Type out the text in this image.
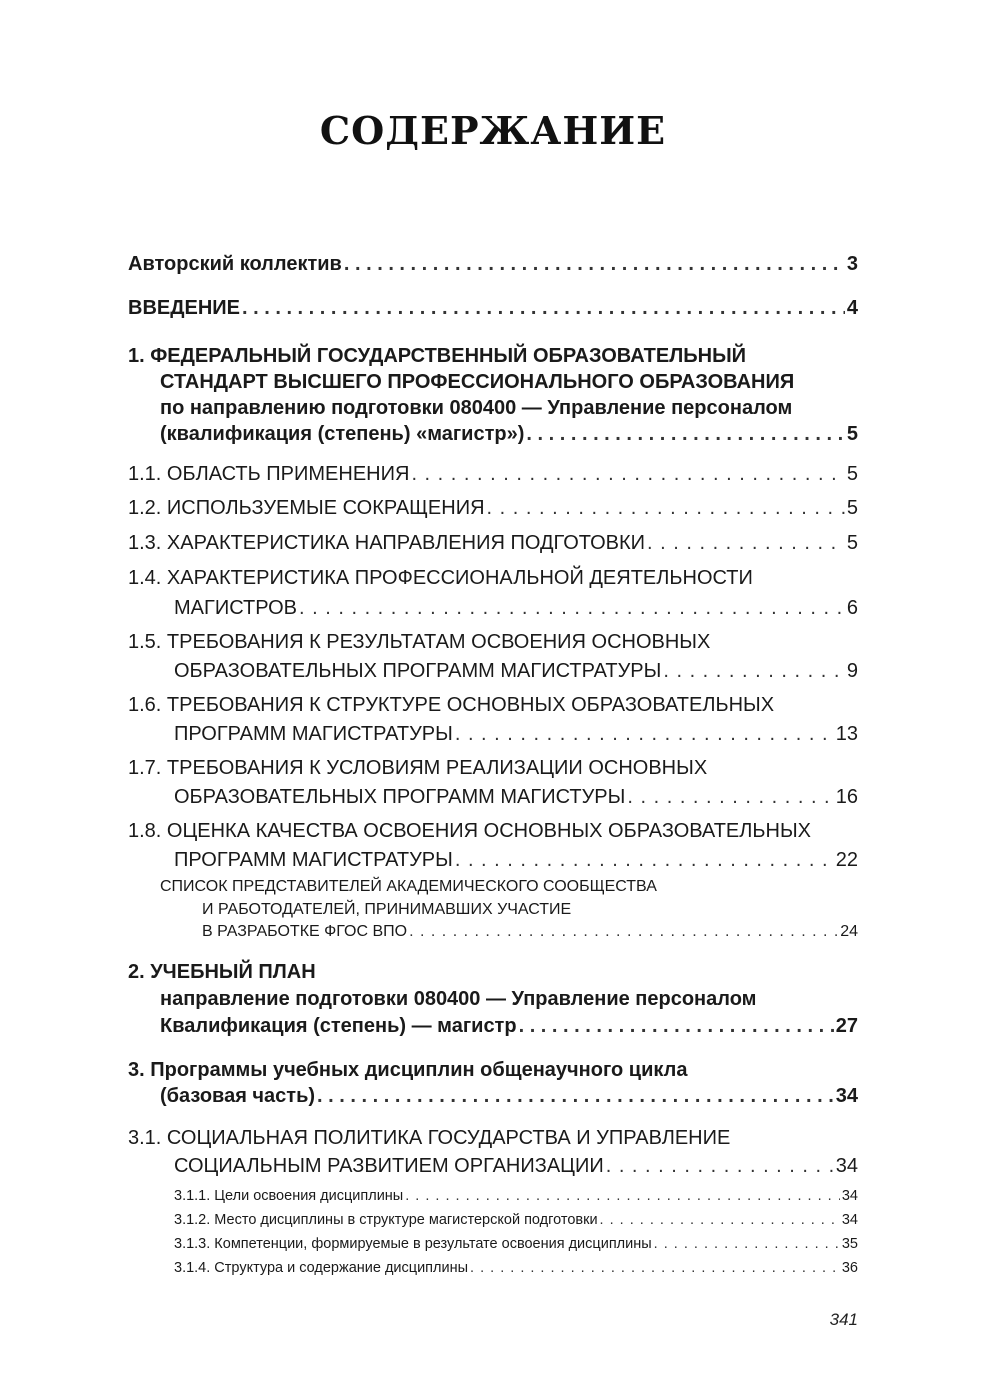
СОДЕРЖАНИЕ
Авторский коллектив . . .	3
ВВЕДЕНИЕ . . .	4
1. ФЕДЕРАЛЬНЫЙ ГОСУДАРСТВЕННЫЙ ОБРАЗОВАТЕЛЬНЫЙ
СТАНДАРТ ВЫСШЕГО ПРОФЕССИОНАЛЬНОГО ОБРАЗОВАНИЯ
по направлению подготовки 080400 — Управление персоналом
(квалификация (степень) «магистр») . . .	5
1.1. ОБЛАСТЬ ПРИМЕНЕНИЯ . . .	5
1.2. ИСПОЛЬЗУЕМЫЕ СОКРАЩЕНИЯ . . .	5
1.3. ХАРАКТЕРИСТИКА НАПРАВЛЕНИЯ ПОДГОТОВКИ . . .	5
1.4. ХАРАКТЕРИСТИКА ПРОФЕССИОНАЛЬНОЙ ДЕЯТЕЛЬНОСТИ
МАГИСТРОВ . . .	6
1.5. ТРЕБОВАНИЯ К РЕЗУЛЬТАТАМ ОСВОЕНИЯ ОСНОВНЫХ
ОБРАЗОВАТЕЛЬНЫХ ПРОГРАММ МАГИСТРАТУРЫ . . .	9
1.6. ТРЕБОВАНИЯ К СТРУКТУРЕ ОСНОВНЫХ ОБРАЗОВАТЕЛЬНЫХ
ПРОГРАММ МАГИСТРАТУРЫ . . .	13
1.7. ТРЕБОВАНИЯ К УСЛОВИЯМ РЕАЛИЗАЦИИ ОСНОВНЫХ
ОБРАЗОВАТЕЛЬНЫХ ПРОГРАММ МАГИСТУРЫ . . .	16
1.8. ОЦЕНКА КАЧЕСТВА ОСВОЕНИЯ ОСНОВНЫХ ОБРАЗОВАТЕЛЬНЫХ
ПРОГРАММ МАГИСТРАТУРЫ . . .	22
СПИСОК ПРЕДСТАВИТЕЛЕЙ АКАДЕМИЧЕСКОГО СООБЩЕСТВА
И РАБОТОДАТЕЛЕЙ, ПРИНИМАВШИХ УЧАСТИЕ
В РАЗРАБОТКЕ ФГОС ВПО . . .	24
2. УЧЕБНЫЙ ПЛАН
направление подготовки 080400 — Управление персоналом
Квалификация (степень) — магистр . . .	27
3. Программы учебных дисциплин общенаучного цикла
(базовая часть) . . .	34
3.1. СОЦИАЛЬНАЯ ПОЛИТИКА ГОСУДАРСТВА И УПРАВЛЕНИЕ
СОЦИАЛЬНЫМ РАЗВИТИЕМ ОРГАНИЗАЦИИ . . .	34
3.1.1. Цели освоения дисциплины . . .	34
3.1.2. Место дисциплины в структуре магистерской подготовки . . .	34
3.1.3. Компетенции, формируемые в результате освоения дисциплины . . .	35
3.1.4. Структура и содержание дисциплины . . .	36
341
